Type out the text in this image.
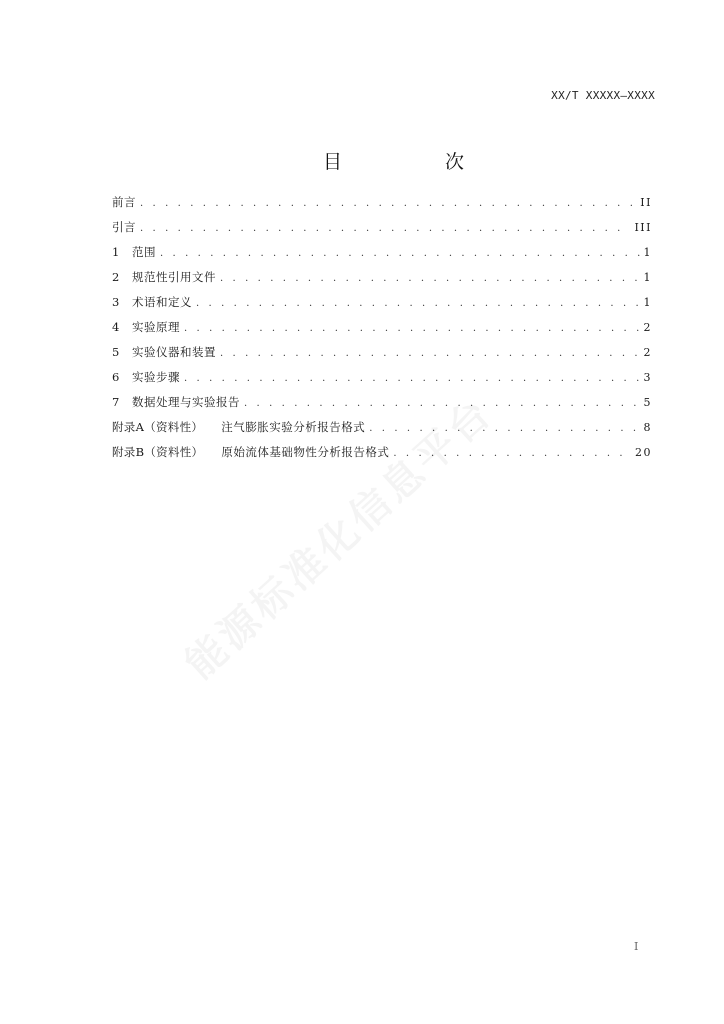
XX/T XXXXX—XXXX
目　次
前言 . . .	II
引言 . . .	III
1	范围 . . .	1
2	规范性引用文件 . . .	1
3	术语和定义 . . .	1
4	实验原理 . . .	2
5	实验仪器和装置 . . .	2
6	实验步骤 . . .	3
7	数据处理与实验报告 . . .	5
附录A（资料性） 注气膨胀实验分析报告格式 . . .	8
附录B（资料性） 原始流体基础物性分析报告格式 . . .	20
I
